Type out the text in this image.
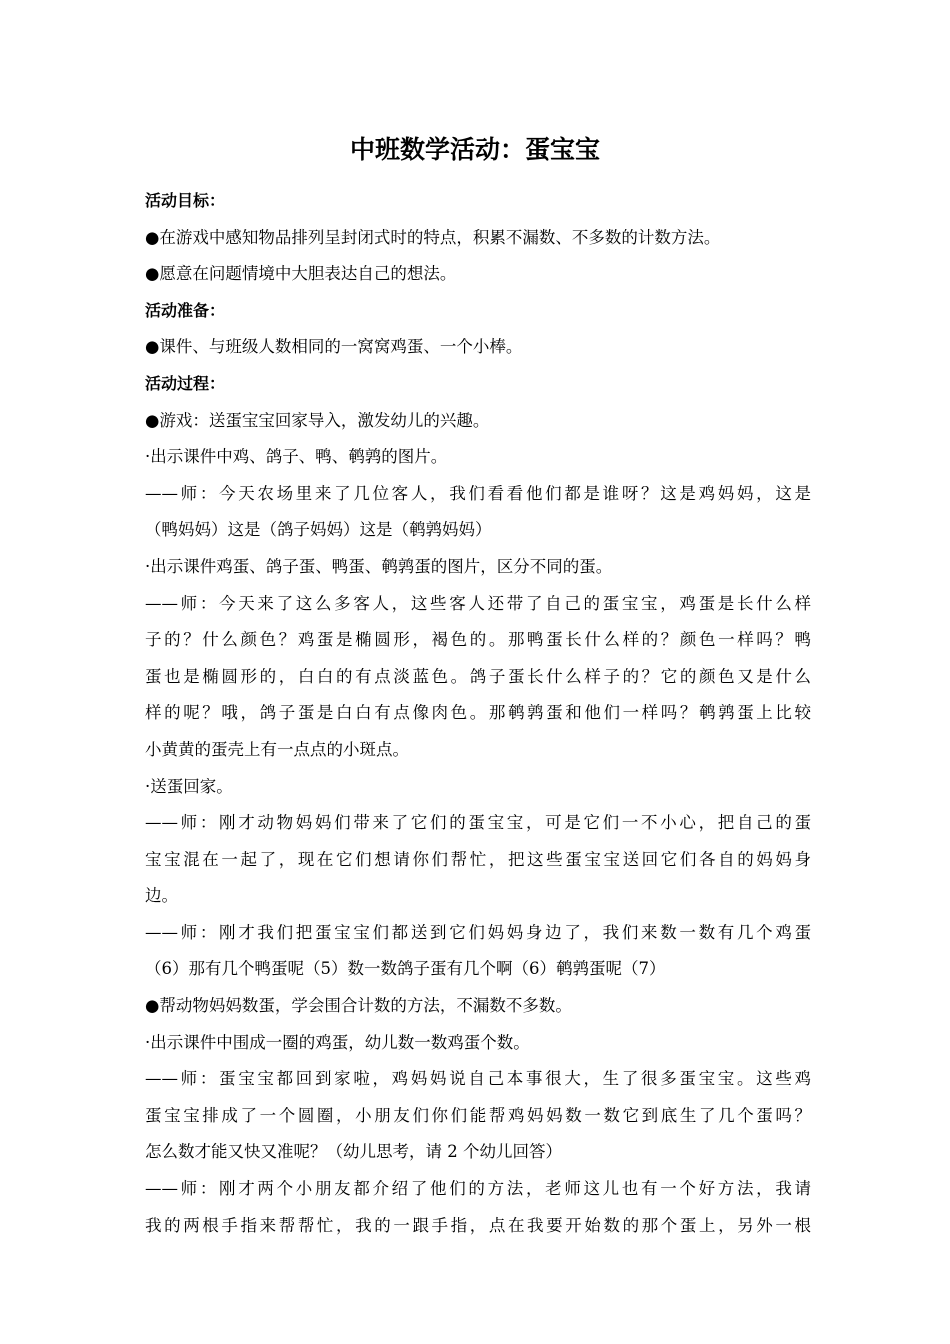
中班数学活动：蛋宝宝
活动目标：
●在游戏中感知物品排列呈封闭式时的特点，积累不漏数、不多数的计数方法。
●愿意在问题情境中大胆表达自己的想法。
活动准备：
●课件、与班级人数相同的一窝窝鸡蛋、一个小棒。
活动过程：
●游戏：送蛋宝宝回家导入，激发幼儿的兴趣。
·出示课件中鸡、鸽子、鸭、鹌鹑的图片。
——师：今天农场里来了几位客人，我们看看他们都是谁呀？这是鸡妈妈，这是
（鸭妈妈）这是（鸽子妈妈）这是（鹌鹑妈妈）
·出示课件鸡蛋、鸽子蛋、鸭蛋、鹌鹑蛋的图片，区分不同的蛋。
——师：今天来了这么多客人，这些客人还带了自己的蛋宝宝，鸡蛋是长什么样
子的？什么颜色？鸡蛋是椭圆形，褐色的。那鸭蛋长什么样的？颜色一样吗？鸭
蛋也是椭圆形的，白白的有点淡蓝色。鸽子蛋长什么样子的？它的颜色又是什么
样的呢？哦，鸽子蛋是白白有点像肉色。那鹌鹑蛋和他们一样吗？鹌鹑蛋上比较
小黄黄的蛋壳上有一点点的小斑点。
·送蛋回家。
——师：刚才动物妈妈们带来了它们的蛋宝宝，可是它们一不小心，把自己的蛋
宝宝混在一起了，现在它们想请你们帮忙，把这些蛋宝宝送回它们各自的妈妈身
边。
——师：刚才我们把蛋宝宝们都送到它们妈妈身边了，我们来数一数有几个鸡蛋
（6）那有几个鸭蛋呢（5）数一数鸽子蛋有几个啊（6）鹌鹑蛋呢（7）
●帮动物妈妈数蛋，学会围合计数的方法，不漏数不多数。
·出示课件中围成一圈的鸡蛋，幼儿数一数鸡蛋个数。
——师：蛋宝宝都回到家啦，鸡妈妈说自己本事很大，生了很多蛋宝宝。这些鸡
蛋宝宝排成了一个圆圈，小朋友们你们能帮鸡妈妈数一数它到底生了几个蛋吗？
怎么数才能又快又准呢？（幼儿思考，请 2 个幼儿回答）
——师：刚才两个小朋友都介绍了他们的方法，老师这儿也有一个好方法，我请
我的两根手指来帮帮忙，我的一跟手指，点在我要开始数的那个蛋上，另外一根
